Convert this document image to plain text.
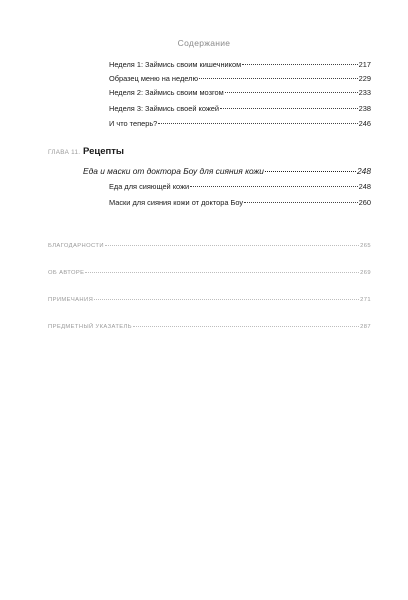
Содержание
Неделя 1: Займись своим кишечником	217
Образец меню на неделю	229
Неделя 2: Займись своим мозгом	233
Неделя 3: Займись своей кожей	238
И что теперь?	246
ГЛАВА 11. Рецепты
Еда и маски от доктора Боу для сияния кожи	248
Еда для сияющей кожи	248
Маски для сияния кожи от доктора Боу	260
БЛАГОДАРНОСТИ	265
ОБ АВТОРЕ	269
ПРИМЕЧАНИЯ	271
ПРЕДМЕТНЫЙ УКАЗАТЕЛЬ	287
